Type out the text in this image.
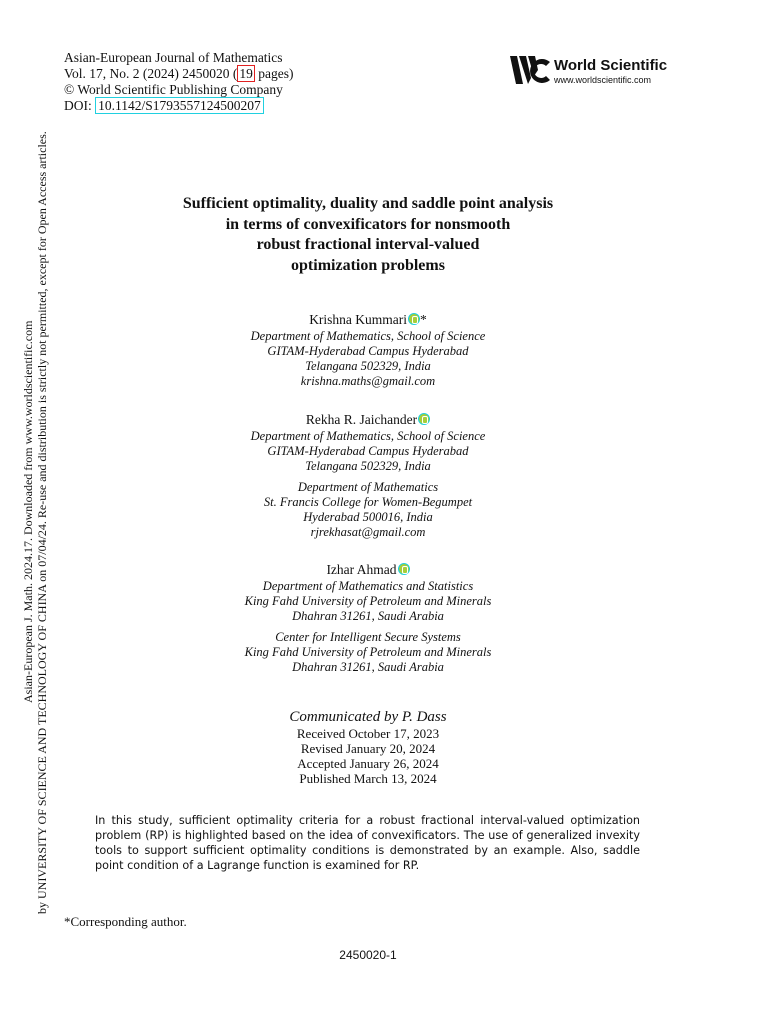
Asian-European J. Math. 2024.17. Downloaded from www.worldscientific.com by UNIVERSITY OF SCIENCE AND TECHNOLOGY OF CHINA on 07/04/24. Re-use and distribution is strictly not permitted, except for Open Access articles.
Asian-European Journal of Mathematics
Vol. 17, No. 2 (2024) 2450020 ( 19 pages)
© World Scientific Publishing Company
DOI: 10.1142/S1793557124500207
World Scientific
www.worldscientific.com
Sufficient optimality, duality and saddle point analysis
in terms of convexificators for nonsmooth
robust fractional interval-valued
optimization problems
Krishna Kummari *
Department of Mathematics, School of Science
GITAM-Hyderabad Campus Hyderabad
Telangana 502329, India
krishna.maths@gmail.com
Rekha R. Jaichander
Department of Mathematics, School of Science
GITAM-Hyderabad Campus Hyderabad
Telangana 502329, India
Department of Mathematics
St. Francis College for Women-Begumpet
Hyderabad 500016, India
rjrekhasat@gmail.com
Izhar Ahmad
Department of Mathematics and Statistics
King Fahd University of Petroleum and Minerals
Dhahran 31261, Saudi Arabia
Center for Intelligent Secure Systems
King Fahd University of Petroleum and Minerals
Dhahran 31261, Saudi Arabia
Communicated by P. Dass
Received October 17, 2023
Revised January 20, 2024
Accepted January 26, 2024
Published March 13, 2024
In this study, sufficient optimality criteria for a robust fractional interval-valued optimization problem (RP) is highlighted based on the idea of convexificators. The use of generalized invexity tools to support sufficient optimality conditions is demonstrated by an example. Also, saddle point condition of a Lagrange function is examined for RP.
*Corresponding author.
2450020-1
